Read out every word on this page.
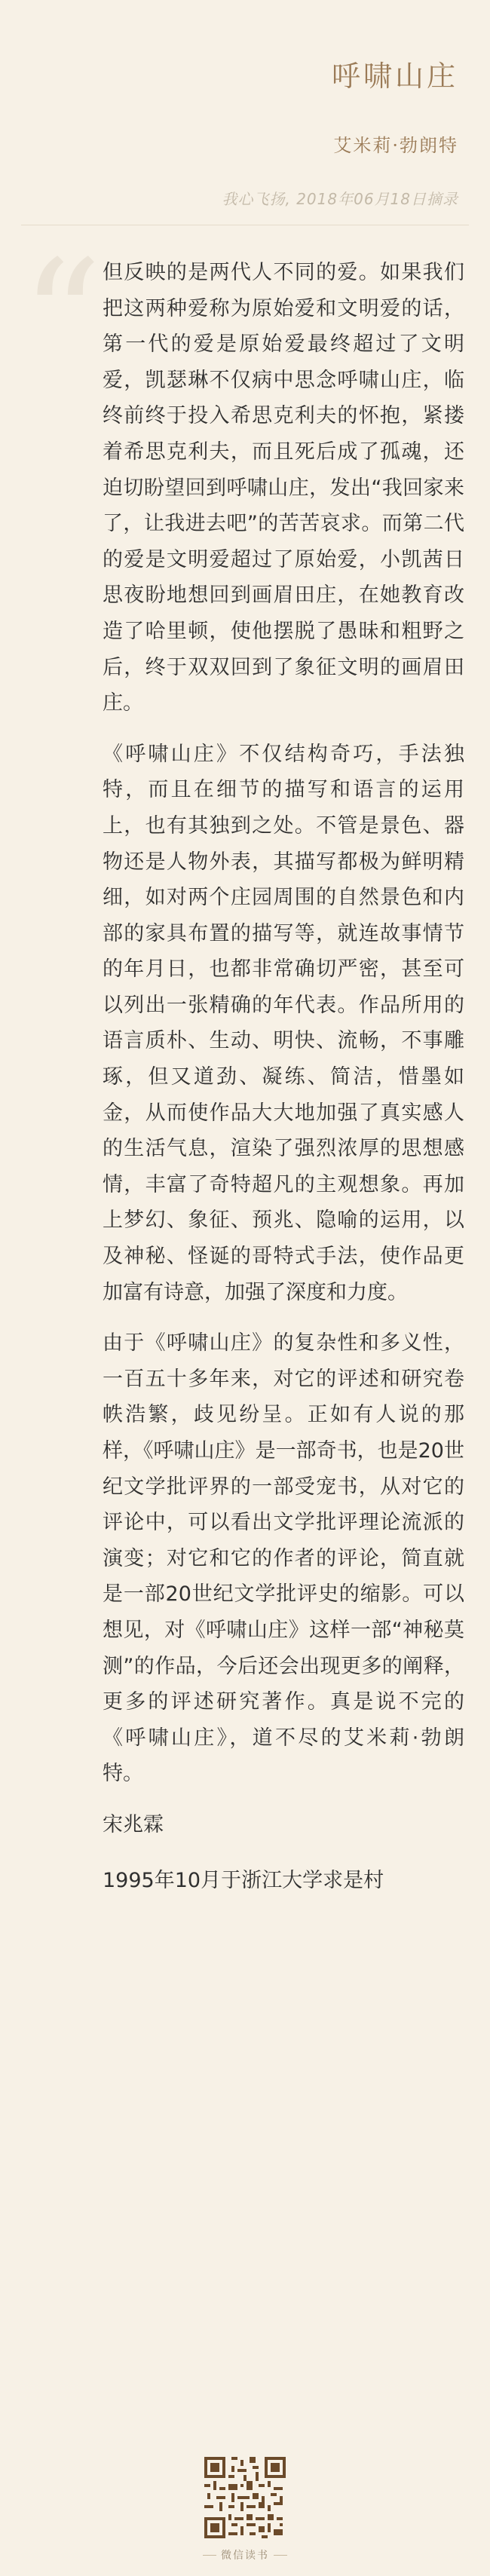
呼啸山庄
艾米莉·勃朗特
我心飞扬, 2018年06月18日摘录
“ 但反映的是两代人不同的爱。如果我们把这两种爱称为原始爱和文明爱的话，第一代的爱是原始爱最终超过了文明爱，凯瑟琳不仅病中思念呼啸山庄，临终前终于投入希思克利夫的怀抱，紧搂着希思克利夫，而且死后成了孤魂，还迫切盼望回到呼啸山庄，发出“我回家来了，让我进去吧”的苦苦哀求。而第二代的爱是文明爱超过了原始爱，小凯茜日思夜盼地想回到画眉田庄，在她教育改造了哈里顿，使他摆脱了愚昧和粗野之后，终于双双回到了象征文明的画眉田庄。

《呼啸山庄》不仅结构奇巧，手法独特，而且在细节的描写和语言的运用上，也有其独到之处。不管是景色、器物还是人物外表，其描写都极为鲜明精细，如对两个庄园周围的自然景色和内部的家具布置的描写等，就连故事情节的年月日，也都非常确切严密，甚至可以列出一张精确的年代表。作品所用的语言质朴、生动、明快、流畅，不事雕琢，但又道劲、凝练、简洁，惜墨如金，从而使作品大大地加强了真实感人的生活气息，渲染了强烈浓厚的思想感情，丰富了奇特超凡的主观想象。再加上梦幻、象征、预兆、隐喻的运用，以及神秘、怪诞的哥特式手法，使作品更加富有诗意，加强了深度和力度。

由于《呼啸山庄》的复杂性和多义性，一百五十多年来，对它的评述和研究卷帙浩繁，歧见纷呈。正如有人说的那样，《呼啸山庄》是一部奇书，也是20世纪文学批评界的一部受宠书，从对它的评论中，可以看出文学批评理论流派的演变；对它和它的作者的评论，简直就是一部20世纪文学批评史的缩影。可以想见，对《呼啸山庄》这样一部“神秘莫测”的作品，今后还会出现更多的阐释，更多的评述研究著作。真是说不完的《呼啸山庄》，道不尽的艾米莉·勃朗特。

宋兆霖

1995年10月于浙江大学求是村

微信读书
